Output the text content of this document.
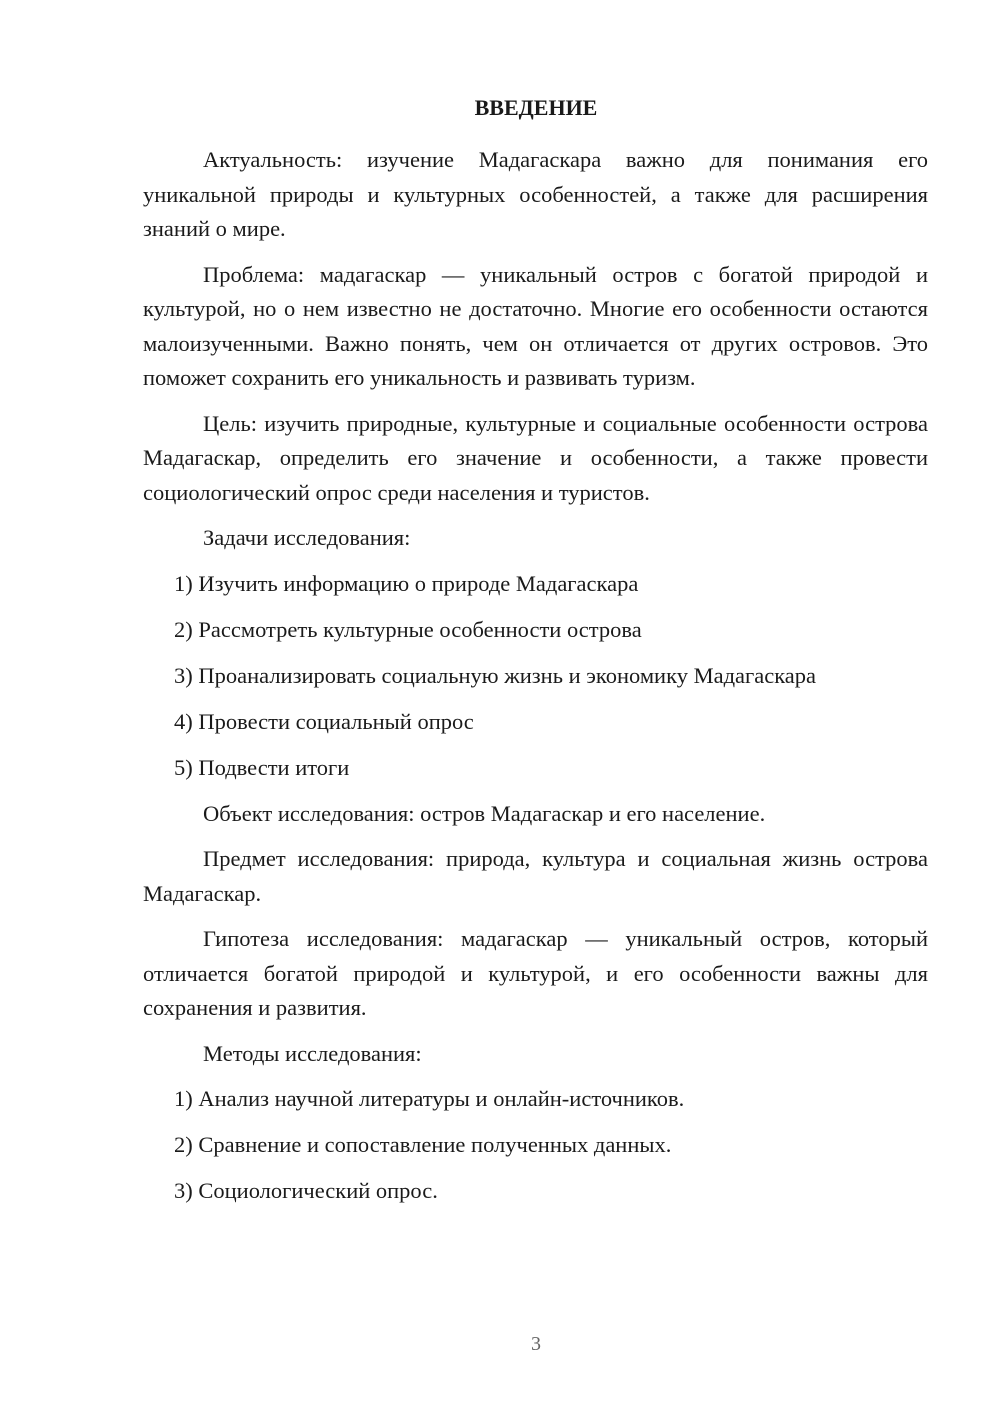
ВВЕДЕНИЕ

Актуальность: изучение Мадагаскара важно для понимания его уникальной природы и культурных особенностей, а также для расширения знаний о мире.

Проблема: мадагаскар — уникальный остров с богатой природой и культурой, но о нем известно не достаточно. Многие его особенности остаются малоизученными. Важно понять, чем он отличается от других островов. Это поможет сохранить его уникальность и развивать туризм.

Цель: изучить природные, культурные и социальные особенности острова Мадагаскар, определить его значение и особенности, а также провести социологический опрос среди населения и туристов.

Задачи исследования:

1) Изучить информацию о природе Мадагаскара

2) Рассмотреть культурные особенности острова

3) Проанализировать социальную жизнь и экономику Мадагаскара

4) Провести социальный опрос

5) Подвести итоги

Объект исследования: остров Мадагаскар и его население.

Предмет исследования: природа, культура и социальная жизнь острова Мадагаскар.

Гипотеза исследования: мадагаскар — уникальный остров, который отличается богатой природой и культурой, и его особенности важны для сохранения и развития.

Методы исследования:

1) Анализ научной литературы и онлайн-источников.

2) Сравнение и сопоставление полученных данных.

3) Социологический опрос.

3
